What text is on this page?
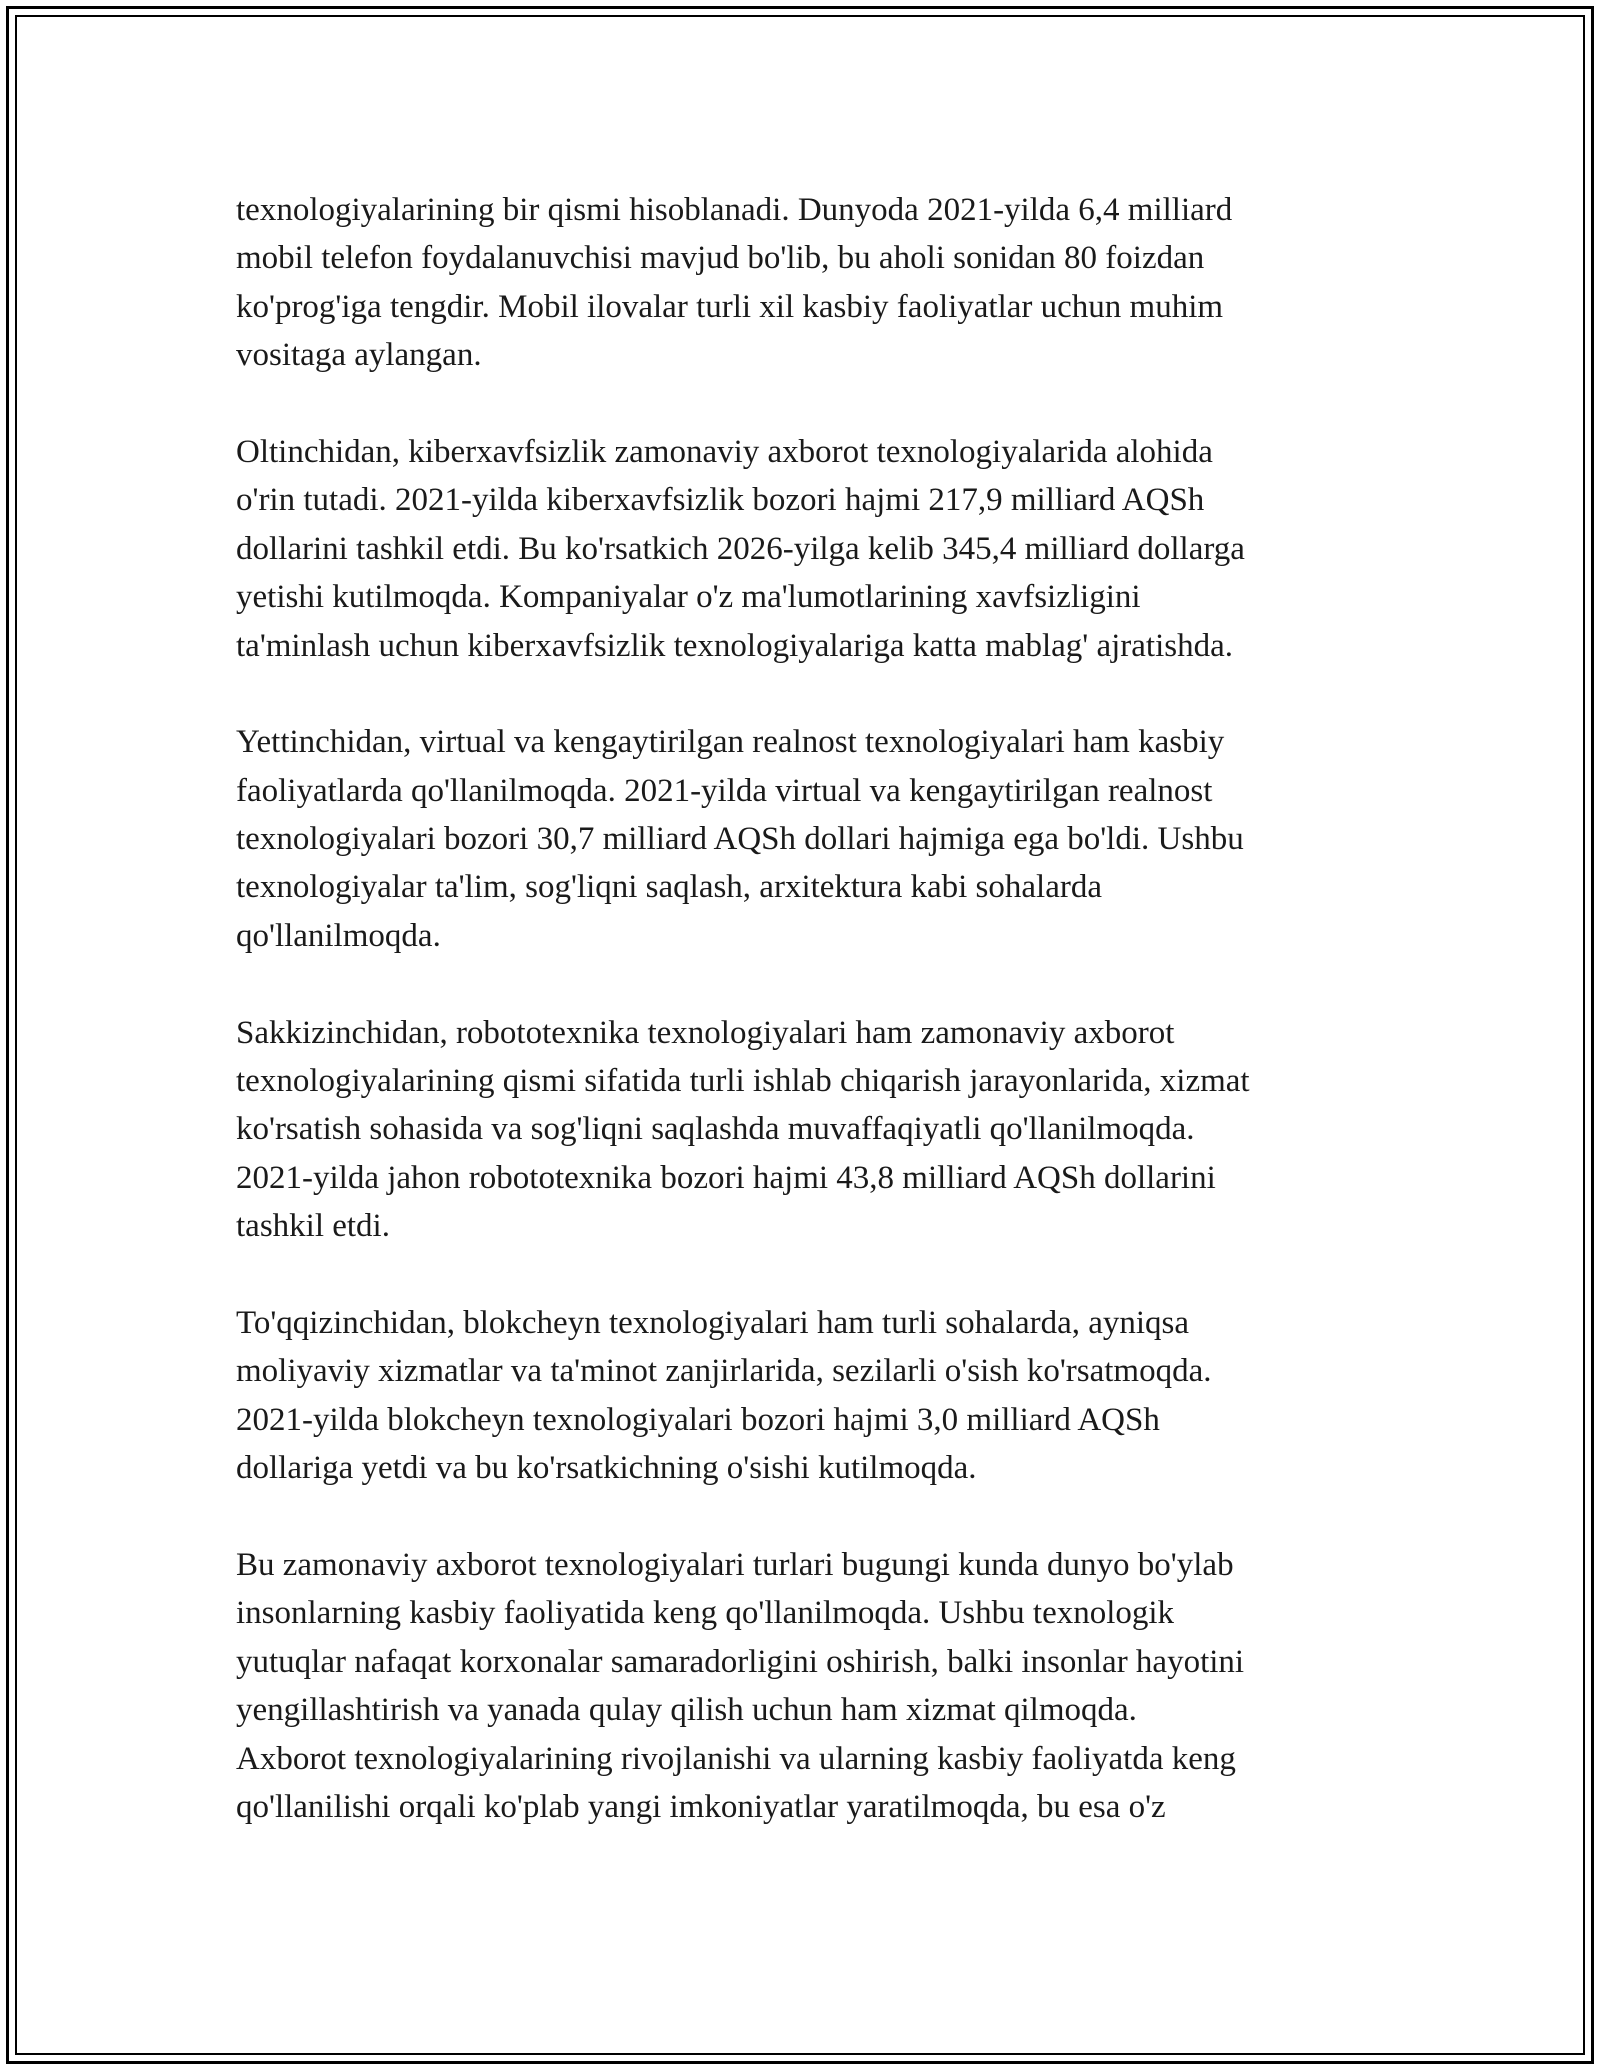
texnologiyalarining bir qismi hisoblanadi. Dunyoda 2021-yilda 6,4 milliard
mobil telefon foydalanuvchisi mavjud bo'lib, bu aholi sonidan 80 foizdan
ko'prog'iga tengdir. Mobil ilovalar turli xil kasbiy faoliyatlar uchun muhim
vositaga aylangan.

Oltinchidan, kiberxavfsizlik zamonaviy axborot texnologiyalarida alohida
o'rin tutadi. 2021-yilda kiberxavfsizlik bozori hajmi 217,9 milliard AQSh
dollarini tashkil etdi. Bu ko'rsatkich 2026-yilga kelib 345,4 milliard dollarga
yetishi kutilmoqda. Kompaniyalar o'z ma'lumotlarining xavfsizligini
ta'minlash uchun kiberxavfsizlik texnologiyalariga katta mablag' ajratishda.

Yettinchidan, virtual va kengaytirilgan realnost texnologiyalari ham kasbiy
faoliyatlarda qo'llanilmoqda. 2021-yilda virtual va kengaytirilgan realnost
texnologiyalari bozori 30,7 milliard AQSh dollari hajmiga ega bo'ldi. Ushbu
texnologiyalar ta'lim, sog'liqni saqlash, arxitektura kabi sohalarda
qo'llanilmoqda.

Sakkizinchidan, robototexnika texnologiyalari ham zamonaviy axborot
texnologiyalarining qismi sifatida turli ishlab chiqarish jarayonlarida, xizmat
ko'rsatish sohasida va sog'liqni saqlashda muvaffaqiyatli qo'llanilmoqda.
2021-yilda jahon robototexnika bozori hajmi 43,8 milliard AQSh dollarini
tashkil etdi.

To'qqizinchidan, blokcheyn texnologiyalari ham turli sohalarda, ayniqsa
moliyaviy xizmatlar va ta'minot zanjirlarida, sezilarli o'sish ko'rsatmoqda.
2021-yilda blokcheyn texnologiyalari bozori hajmi 3,0 milliard AQSh
dollariga yetdi va bu ko'rsatkichning o'sishi kutilmoqda.

Bu zamonaviy axborot texnologiyalari turlari bugungi kunda dunyo bo'ylab
insonlarning kasbiy faoliyatida keng qo'llanilmoqda. Ushbu texnologik
yutuqlar nafaqat korxonalar samaradorligini oshirish, balki insonlar hayotini
yengillashtirish va yanada qulay qilish uchun ham xizmat qilmoqda.
Axborot texnologiyalarining rivojlanishi va ularning kasbiy faoliyatda keng
qo'llanilishi orqali ko'plab yangi imkoniyatlar yaratilmoqda, bu esa o'z
